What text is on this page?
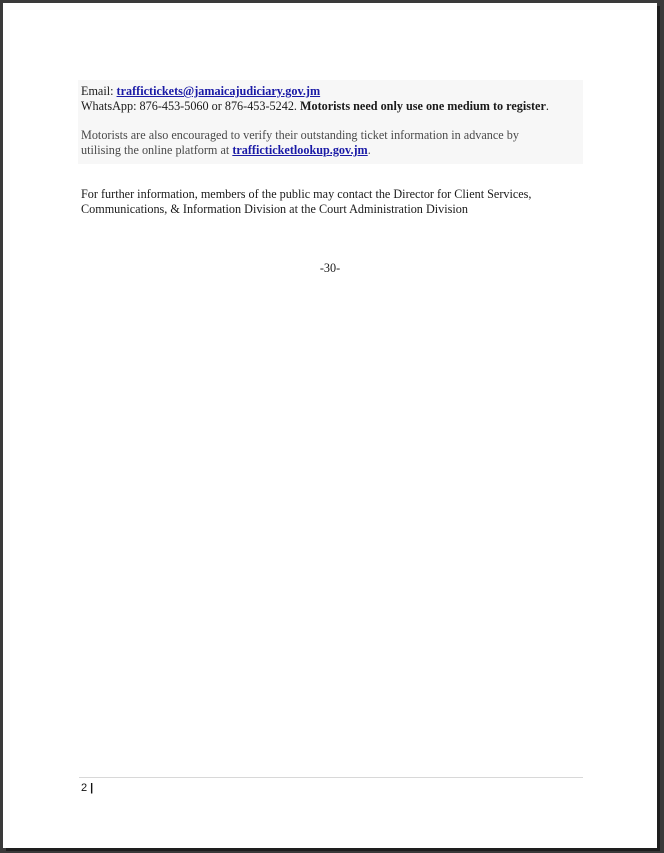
Email: traffictickets@jamaicajudiciary.gov.jm
WhatsApp: 876-453-5060 or 876-453-5242. Motorists need only use one medium to register.
Motorists are also encouraged to verify their outstanding ticket information in advance by
utilising the online platform at trafficticketlookup.gov.jm.
For further information, members of the public may contact the Director for Client Services,
Communications, & Information Division at the Court Administration Division
-30-
2 |
